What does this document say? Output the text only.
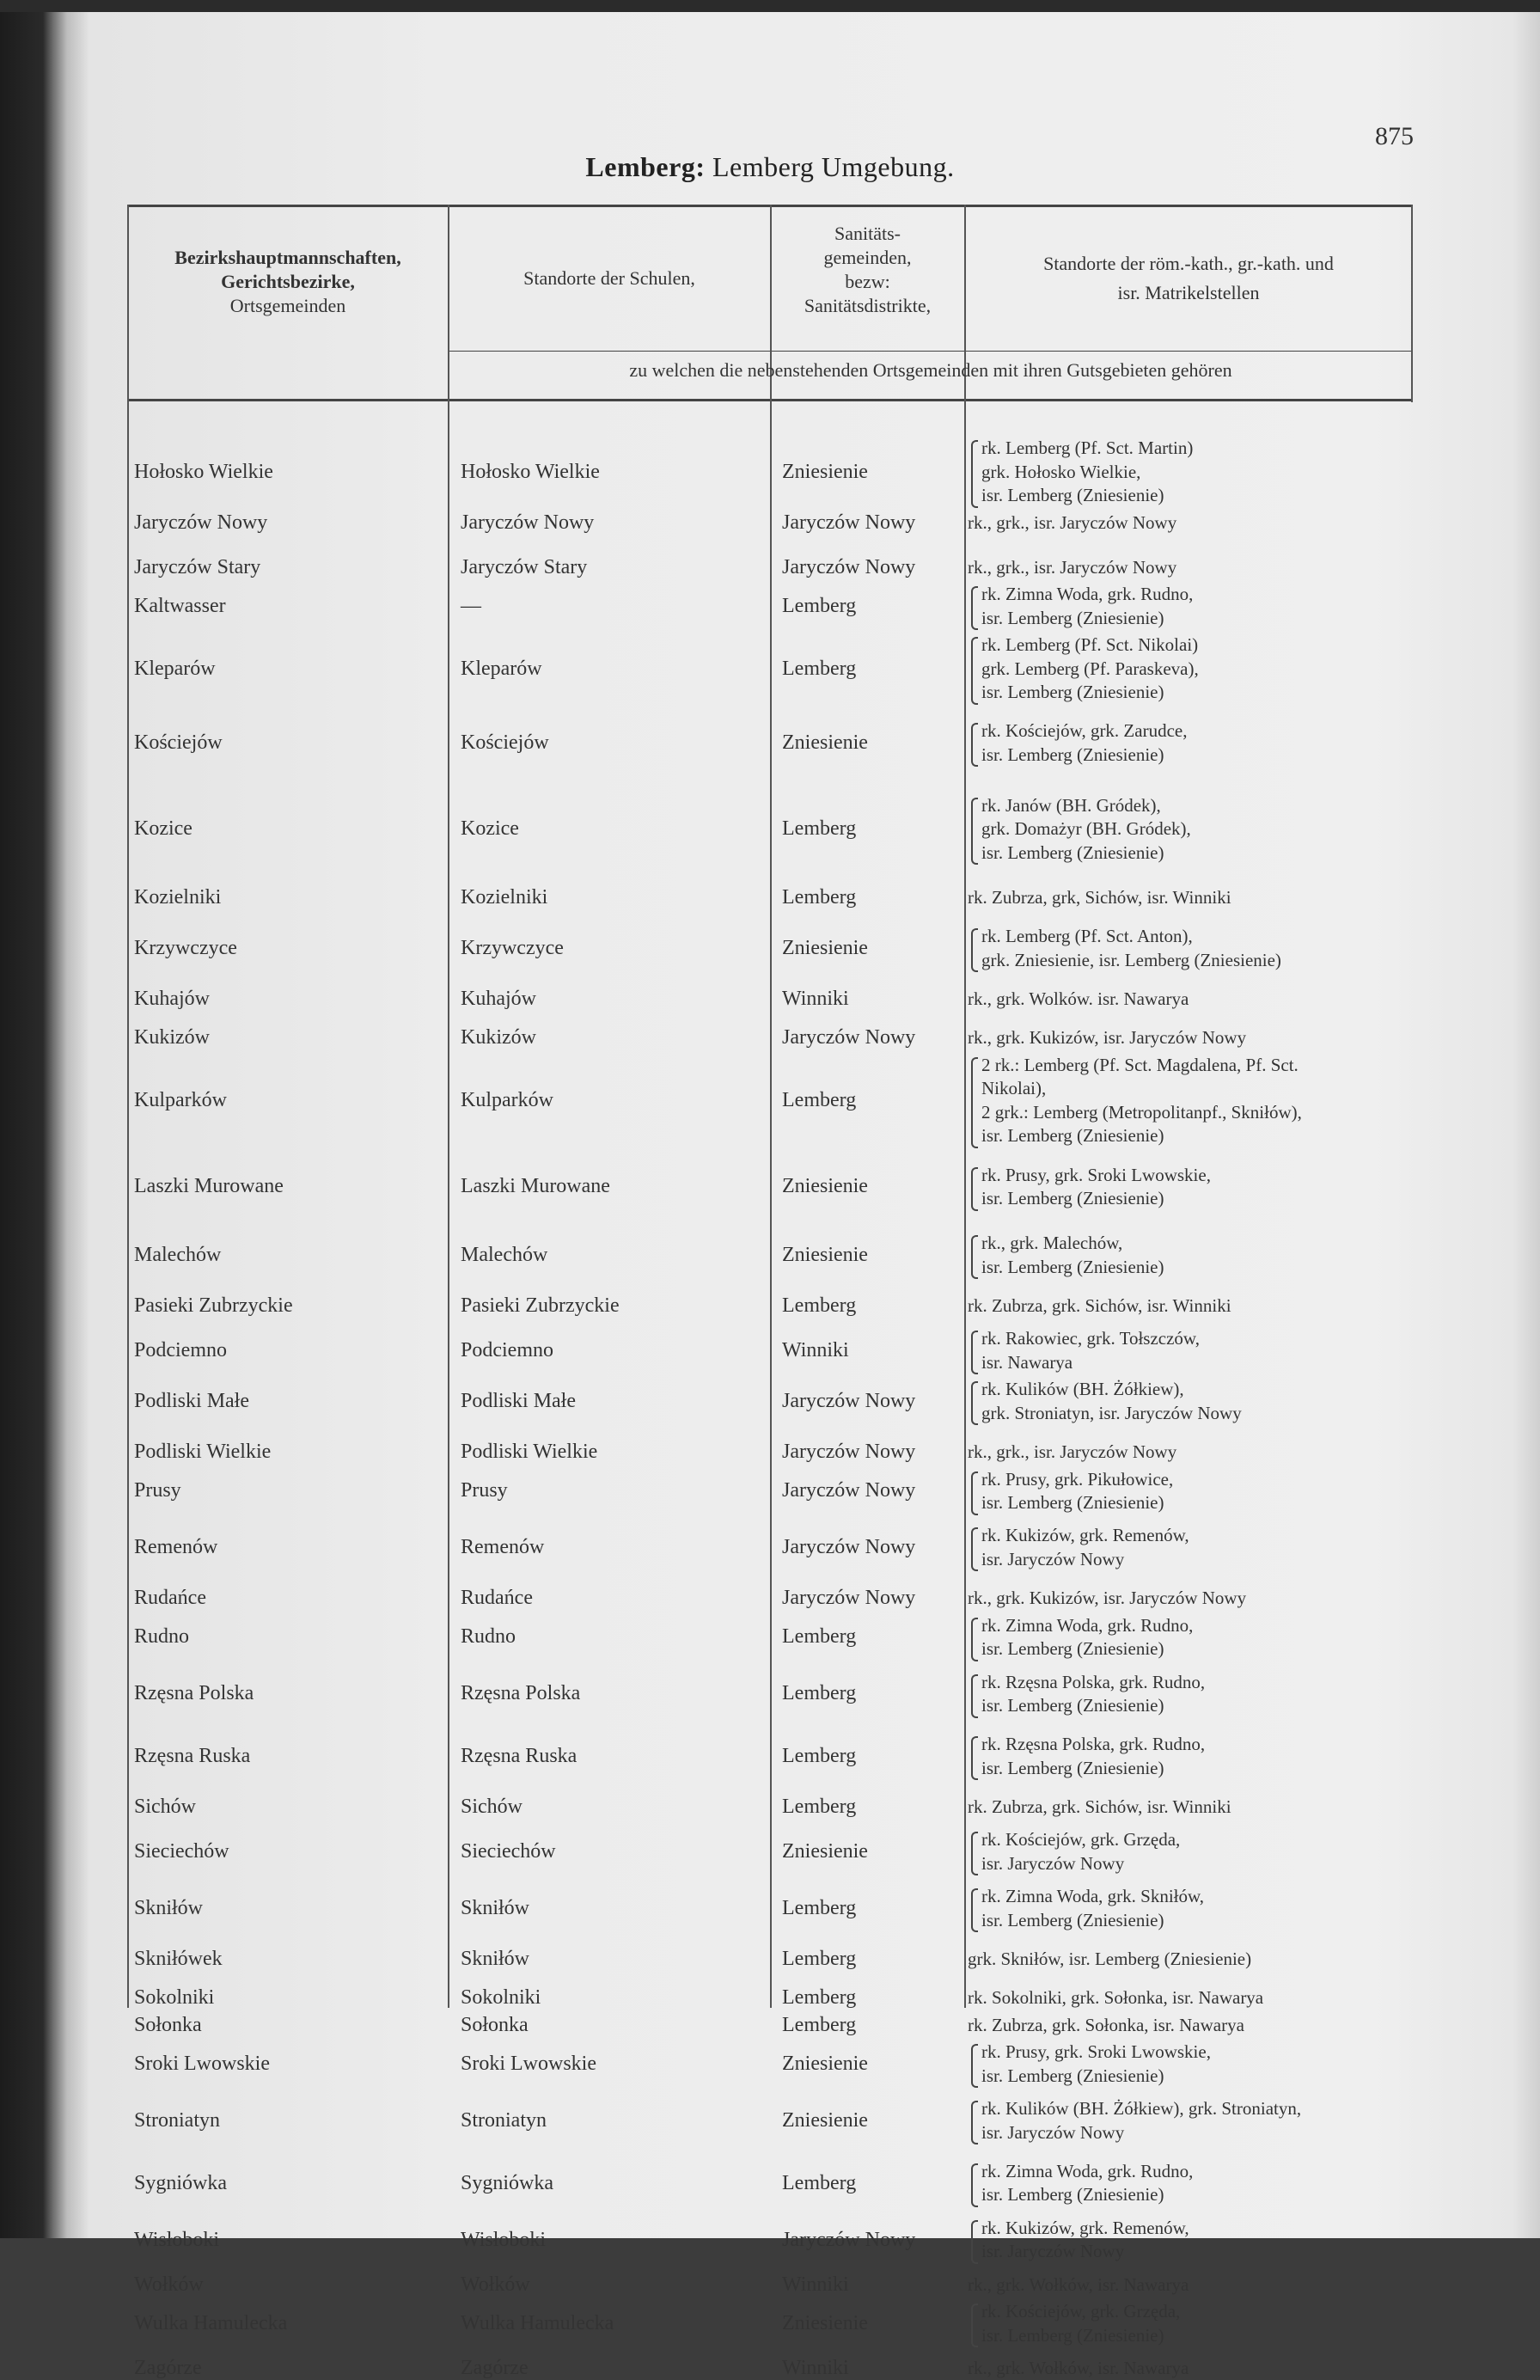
875
Lemberg: Lemberg Umgebung.
Bezirkshauptmannschaften,
Gerichtsbezirke,
Ortsgemeinden
Standorte der Schulen,
Sanitäts-
gemeinden,
bezw:
Sanitätsdistrikte,
Standorte der röm.-kath., gr.-kath. und
isr. Matrikelstellen
zu welchen die nebenstehenden Ortsgemeinden mit ihren Gutsgebieten gehören
Hołosko Wielkie	Hołosko Wielkie	Zniesienie
rk. Lemberg (Pf. Sct. Martin)
grk. Hołosko Wielkie,
isr. Lemberg (Zniesienie)
Jaryczów Nowy	Jaryczów Nowy	Jaryczów Nowy	rk., grk., isr. Jaryczów Nowy
Jaryczów Stary	Jaryczów Stary	Jaryczów Nowy	rk., grk., isr. Jaryczów Nowy
Kaltwasser	—	Lemberg
rk. Zimna Woda, grk. Rudno,
isr. Lemberg (Zniesienie)
Kleparów	Kleparów	Lemberg
rk. Lemberg (Pf. Sct. Nikolai)
grk. Lemberg (Pf. Paraskeva),
isr. Lemberg (Zniesienie)
Kościejów	Kościejów	Zniesienie
rk. Kościejów, grk. Zarudce,
isr. Lemberg (Zniesienie)
Kozice	Kozice	Lemberg
rk. Janów (BH. Gródek),
grk. Domażyr (BH. Gródek),
isr. Lemberg (Zniesienie)
Kozielniki	Kozielniki	Lemberg	rk. Zubrza, grk, Sichów, isr. Winniki
Krzywczyce	Krzywczyce	Zniesienie
rk. Lemberg (Pf. Sct. Anton),
grk. Zniesienie, isr. Lemberg (Zniesienie)
Kuhajów	Kuhajów	Winniki	rk., grk. Wolków. isr. Nawarya
Kukizów	Kukizów	Jaryczów Nowy	rk., grk. Kukizów, isr. Jaryczów Nowy
Kulparków	Kulparków	Lemberg
2 rk.: Lemberg (Pf. Sct. Magdalena, Pf. Sct.
Nikolai),
2 grk.: Lemberg (Metropolitanpf., Skniłów),
isr. Lemberg (Zniesienie)
Laszki Murowane	Laszki Murowane	Zniesienie
rk. Prusy, grk. Sroki Lwowskie,
isr. Lemberg (Zniesienie)
Malechów	Malechów	Zniesienie
rk., grk. Malechów,
isr. Lemberg (Zniesienie)
Pasieki Zubrzyckie	Pasieki Zubrzyckie	Lemberg	rk. Zubrza, grk. Sichów, isr. Winniki
Podciemno	Podciemno	Winniki
rk. Rakowiec, grk. Tołszczów,
isr. Nawarya
Podliski Małe	Podliski Małe	Jaryczów Nowy
rk. Kulików (BH. Żółkiew),
grk. Stroniatyn, isr. Jaryczów Nowy
Podliski Wielkie	Podliski Wielkie	Jaryczów Nowy	rk., grk., isr. Jaryczów Nowy
Prusy	Prusy	Jaryczów Nowy
rk. Prusy, grk. Pikułowice,
isr. Lemberg (Zniesienie)
Remenów	Remenów	Jaryczów Nowy
rk. Kukizów, grk. Remenów,
isr. Jaryczów Nowy
Rudańce	Rudańce	Jaryczów Nowy	rk., grk. Kukizów, isr. Jaryczów Nowy
Rudno	Rudno	Lemberg
rk. Zimna Woda, grk. Rudno,
isr. Lemberg (Zniesienie)
Rzęsna Polska	Rzęsna Polska	Lemberg
rk. Rzęsna Polska, grk. Rudno,
isr. Lemberg (Zniesienie)
Rzęsna Ruska	Rzęsna Ruska	Lemberg
rk. Rzęsna Polska, grk. Rudno,
isr. Lemberg (Zniesienie)
Sichów	Sichów	Lemberg	rk. Zubrza, grk. Sichów, isr. Winniki
Sieciechów	Sieciechów	Zniesienie
rk. Kościejów, grk. Grzęda,
isr. Jaryczów Nowy
Skniłów	Skniłów	Lemberg
rk. Zimna Woda, grk. Skniłów,
isr. Lemberg (Zniesienie)
Skniłówek	Skniłów	Lemberg	grk. Skniłów, isr. Lemberg (Zniesienie)
Sokolniki	Sokolniki	Lemberg	rk. Sokolniki, grk. Sołonka, isr. Nawarya
Sołonka	Sołonka	Lemberg	rk. Zubrza, grk. Sołonka, isr. Nawarya
Sroki Lwowskie	Sroki Lwowskie	Zniesienie
rk. Prusy, grk. Sroki Lwowskie,
isr. Lemberg (Zniesienie)
Stroniatyn	Stroniatyn	Zniesienie
rk. Kulików (BH. Żółkiew), grk. Stroniatyn,
isr. Jaryczów Nowy
Sygniówka	Sygniówka	Lemberg
rk. Zimna Woda, grk. Rudno,
isr. Lemberg (Zniesienie)
Wisłoboki	Wisłoboki	Jaryczów Nowy
rk. Kukizów, grk. Remenów,
isr. Jaryczów Nowy
Wołków	Wołków	Winniki	rk., grk. Wołków, isr. Nawarya
Wulka Hamulecka	Wulka Hamulecka	Zniesienie
rk. Kościejów, grk. Grzęda,
isr. Lemberg (Zniesienie)
Zagórze	Zagórze	Winniki	rk., grk. Wołków, isr. Nawarya
